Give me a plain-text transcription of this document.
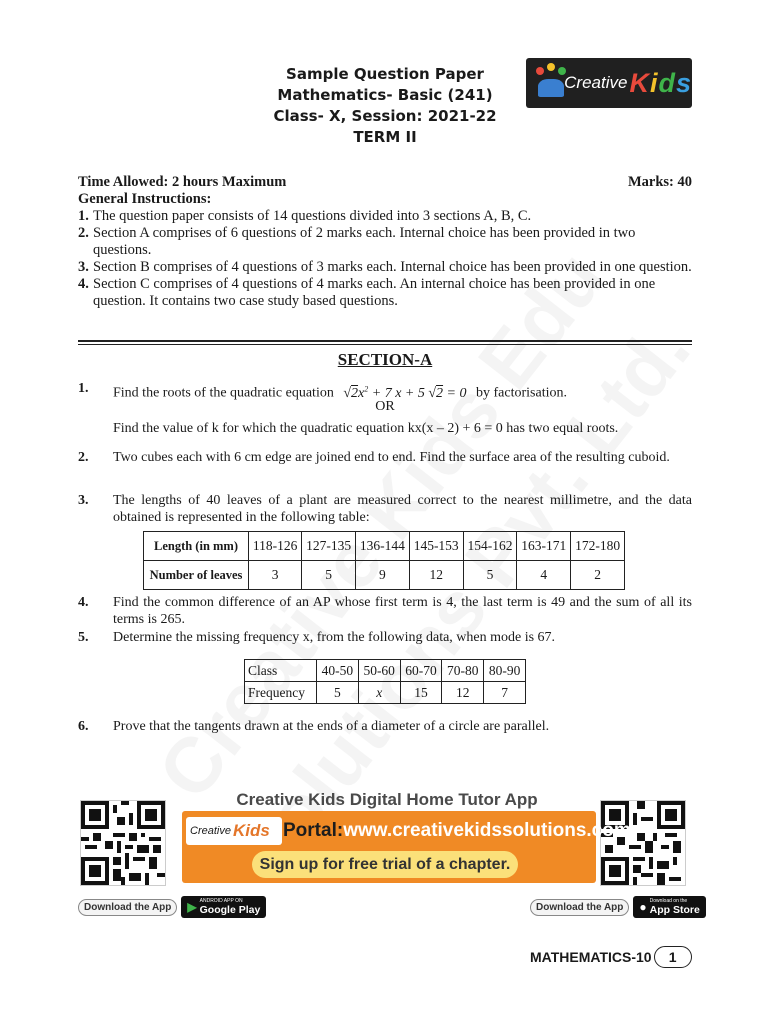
Sample Question Paper
Mathematics- Basic (241)
Class- X, Session: 2021-22
TERM II
Creative Kids
Time Allowed: 2 hours Maximum	Marks: 40
General Instructions:
1. The question paper consists of 14 questions divided into 3 sections A, B, C.
2. Section A comprises of 6 questions of 2 marks each. Internal choice has been provided in two questions.
3. Section B comprises of 4 questions of 3 marks each. Internal choice has been provided in one question.
4. Section C comprises of 4 questions of 4 marks each. An internal choice has been provided in one question. It contains two case study based questions.
SECTION-A
1.	Find the roots of the quadratic equation $√2x^2 + 7$ x + 5 √2 = 0 by factorisation.
OR
Find the value of k for which the quadratic equation kx(x – 2) + 6 = 0 has two equal roots.
2.	Two cubes each with 6 cm edge are joined end to end. Find the surface area of the resulting cuboid.
3.	The lengths of 40 leaves of a plant are measured correct to the nearest millimetre, and the data obtained is represented in the following table:
Length (in mm)	118-126	127-135	136-144	145-153	154-162	163-171	172-180
Number of leaves	3	5	9	12	5	4	2
4.	Find the common difference of an AP whose first term is 4, the last term is 49 and the sum of all its terms is 265.
5.	Determine the missing frequency x, from the following data, when mode is 67.
Class	40-50	50-60	60-70	70-80	80-90
Frequency	5	x	15	12	7
6.	Prove that the tangents drawn at the ends of a diameter of a circle are parallel.
Creative Kids Digital Home Tutor App
Creative Kids Portal:www.creativekidssolutions.com
Sign up for free trial of a chapter.
Download the App	▶ ANDROID APP ON
Google Play	Download the App	● Download on the
App Store
MATHEMATICS-10	1
